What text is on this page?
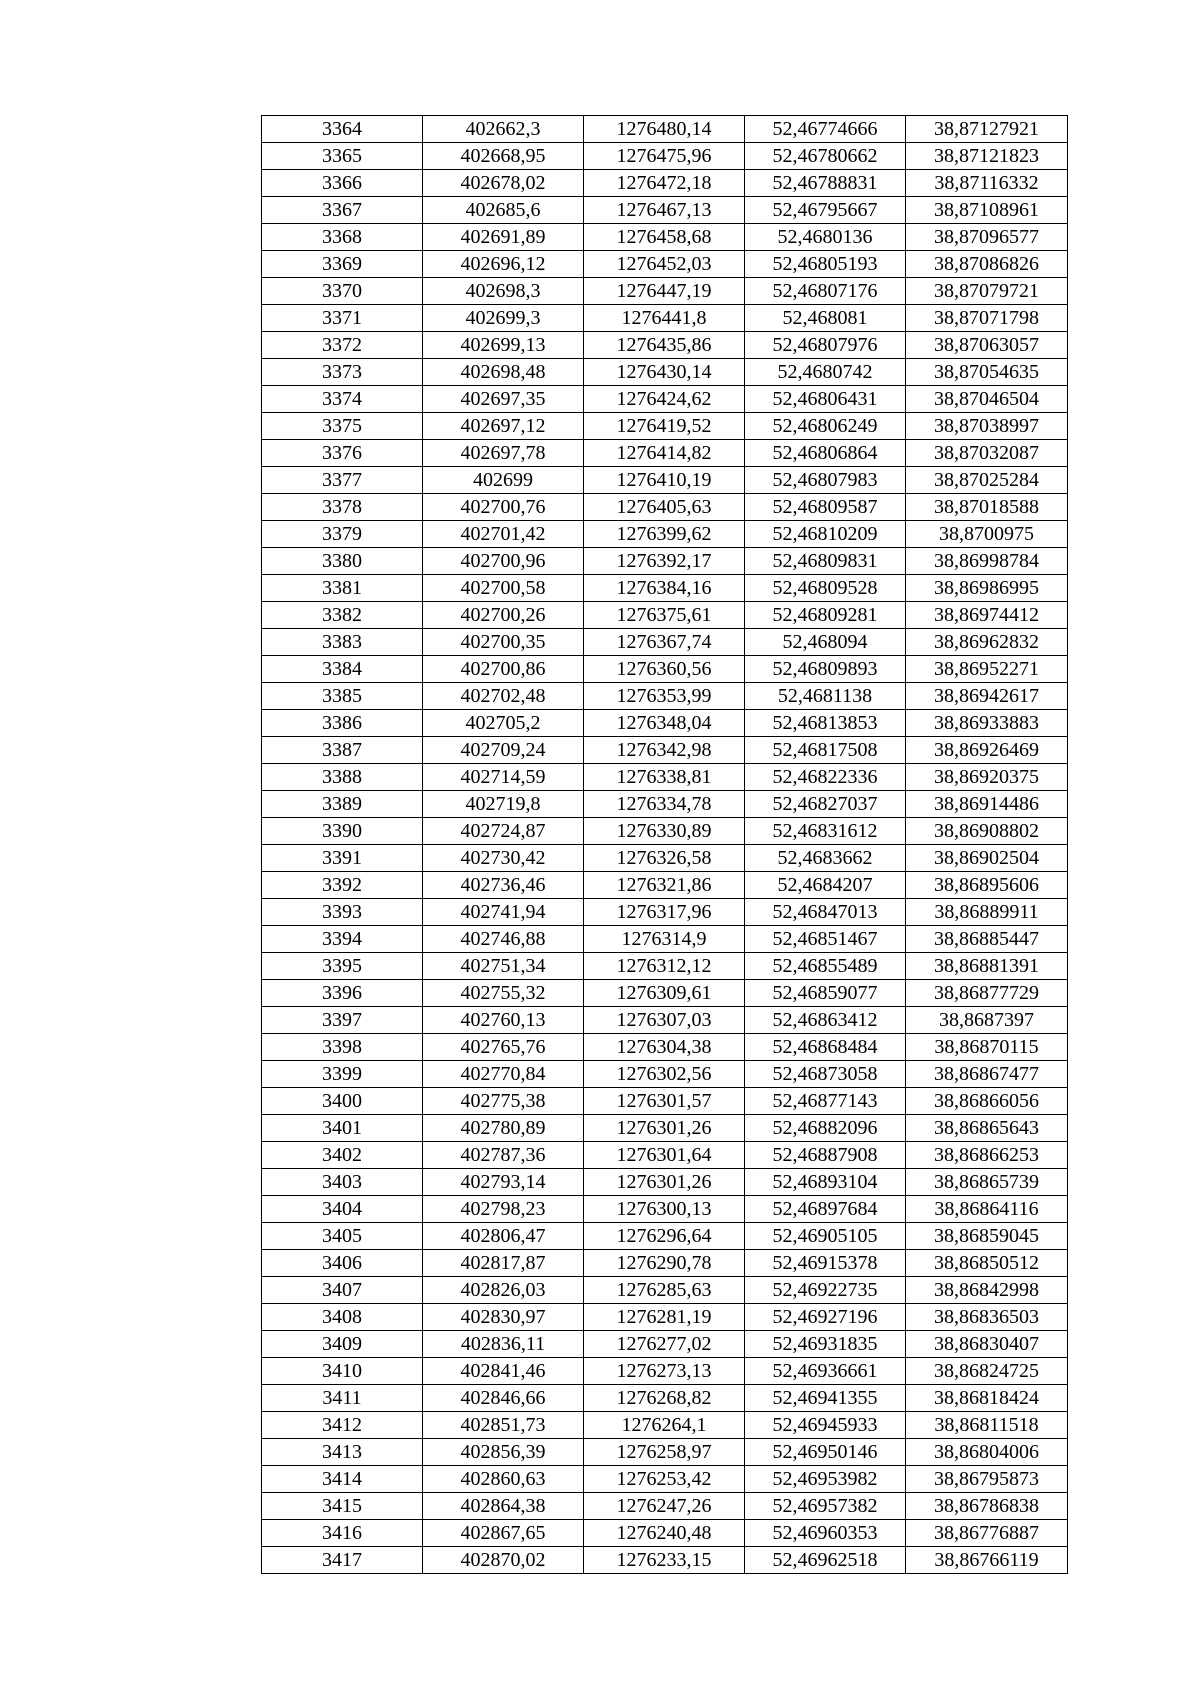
3364	402662,3	1276480,14	52,46774666	38,87127921
3365	402668,95	1276475,96	52,46780662	38,87121823
3366	402678,02	1276472,18	52,46788831	38,87116332
3367	402685,6	1276467,13	52,46795667	38,87108961
3368	402691,89	1276458,68	52,4680136	38,87096577
3369	402696,12	1276452,03	52,46805193	38,87086826
3370	402698,3	1276447,19	52,46807176	38,87079721
3371	402699,3	1276441,8	52,468081	38,87071798
3372	402699,13	1276435,86	52,46807976	38,87063057
3373	402698,48	1276430,14	52,4680742	38,87054635
3374	402697,35	1276424,62	52,46806431	38,87046504
3375	402697,12	1276419,52	52,46806249	38,87038997
3376	402697,78	1276414,82	52,46806864	38,87032087
3377	402699	1276410,19	52,46807983	38,87025284
3378	402700,76	1276405,63	52,46809587	38,87018588
3379	402701,42	1276399,62	52,46810209	38,8700975
3380	402700,96	1276392,17	52,46809831	38,86998784
3381	402700,58	1276384,16	52,46809528	38,86986995
3382	402700,26	1276375,61	52,46809281	38,86974412
3383	402700,35	1276367,74	52,468094	38,86962832
3384	402700,86	1276360,56	52,46809893	38,86952271
3385	402702,48	1276353,99	52,4681138	38,86942617
3386	402705,2	1276348,04	52,46813853	38,86933883
3387	402709,24	1276342,98	52,46817508	38,86926469
3388	402714,59	1276338,81	52,46822336	38,86920375
3389	402719,8	1276334,78	52,46827037	38,86914486
3390	402724,87	1276330,89	52,46831612	38,86908802
3391	402730,42	1276326,58	52,4683662	38,86902504
3392	402736,46	1276321,86	52,4684207	38,86895606
3393	402741,94	1276317,96	52,46847013	38,86889911
3394	402746,88	1276314,9	52,46851467	38,86885447
3395	402751,34	1276312,12	52,46855489	38,86881391
3396	402755,32	1276309,61	52,46859077	38,86877729
3397	402760,13	1276307,03	52,46863412	38,8687397
3398	402765,76	1276304,38	52,46868484	38,86870115
3399	402770,84	1276302,56	52,46873058	38,86867477
3400	402775,38	1276301,57	52,46877143	38,86866056
3401	402780,89	1276301,26	52,46882096	38,86865643
3402	402787,36	1276301,64	52,46887908	38,86866253
3403	402793,14	1276301,26	52,46893104	38,86865739
3404	402798,23	1276300,13	52,46897684	38,86864116
3405	402806,47	1276296,64	52,46905105	38,86859045
3406	402817,87	1276290,78	52,46915378	38,86850512
3407	402826,03	1276285,63	52,46922735	38,86842998
3408	402830,97	1276281,19	52,46927196	38,86836503
3409	402836,11	1276277,02	52,46931835	38,86830407
3410	402841,46	1276273,13	52,46936661	38,86824725
3411	402846,66	1276268,82	52,46941355	38,86818424
3412	402851,73	1276264,1	52,46945933	38,86811518
3413	402856,39	1276258,97	52,46950146	38,86804006
3414	402860,63	1276253,42	52,46953982	38,86795873
3415	402864,38	1276247,26	52,46957382	38,86786838
3416	402867,65	1276240,48	52,46960353	38,86776887
3417	402870,02	1276233,15	52,46962518	38,86766119
